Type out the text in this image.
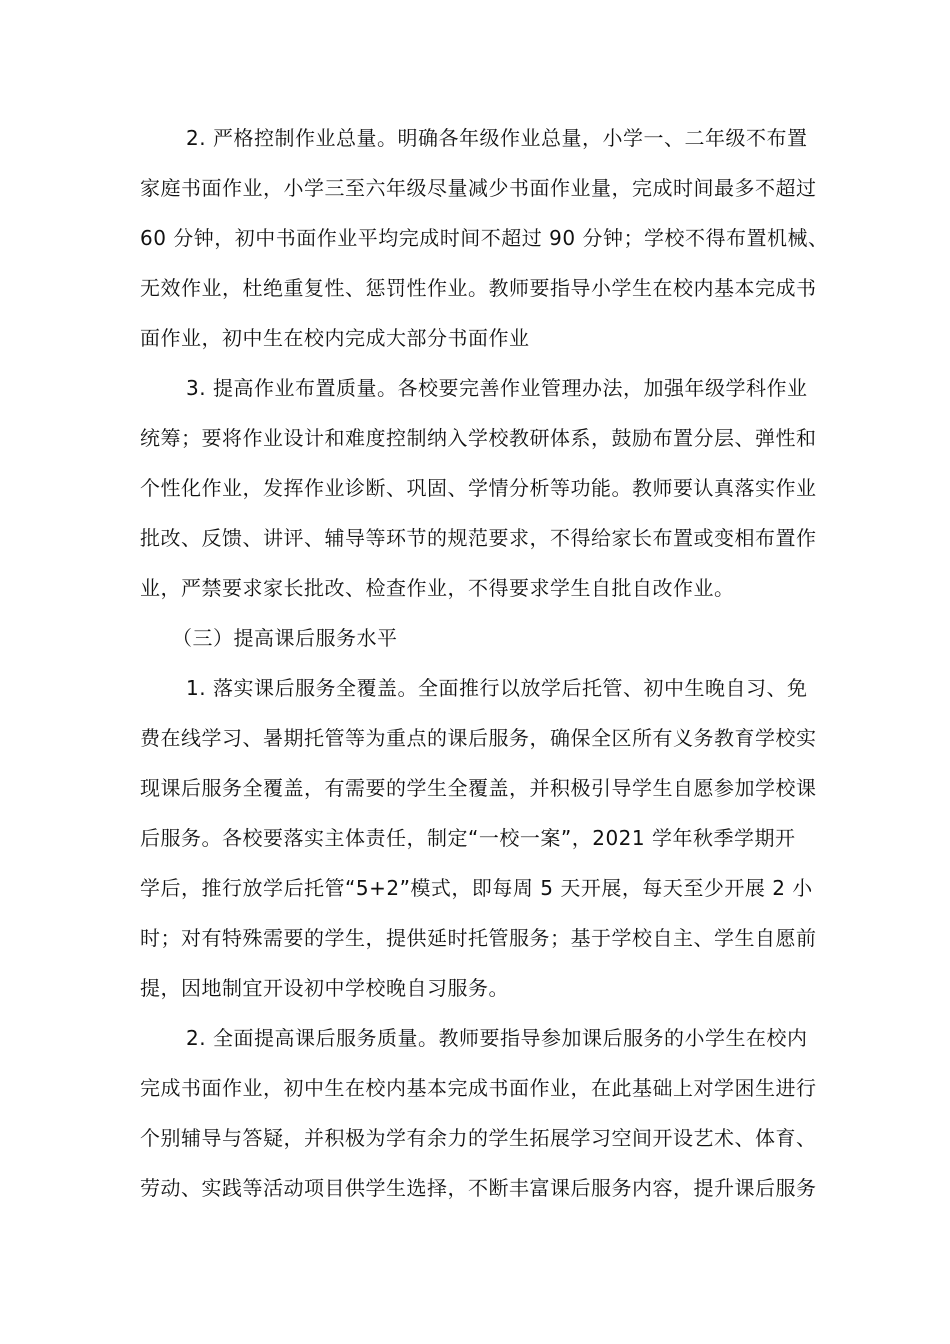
2. 严格控制作业总量。明确各年级作业总量，小学一、二年级不布置
家庭书面作业，小学三至六年级尽量减少书面作业量，完成时间最多不超过
60 分钟，初中书面作业平均完成时间不超过 90 分钟；学校不得布置机械、
无效作业，杜绝重复性、惩罚性作业。教师要指导小学生在校内基本完成书
面作业，初中生在校内完成大部分书面作业
3. 提高作业布置质量。各校要完善作业管理办法，加强年级学科作业
统筹；要将作业设计和难度控制纳入学校教研体系，鼓励布置分层、弹性和
个性化作业，发挥作业诊断、巩固、学情分析等功能。教师要认真落实作业
批改、反馈、讲评、辅导等环节的规范要求，不得给家长布置或变相布置作
业，严禁要求家长批改、检查作业，不得要求学生自批自改作业。
（三）提高课后服务水平
1. 落实课后服务全覆盖。全面推行以放学后托管、初中生晚自习、免
费在线学习、暑期托管等为重点的课后服务，确保全区所有义务教育学校实
现课后服务全覆盖，有需要的学生全覆盖，并积极引导学生自愿参加学校课
后服务。各校要落实主体责任，制定“一校一案”，2021 学年秋季学期开
学后，推行放学后托管“5+2”模式，即每周 5 天开展，每天至少开展 2 小
时；对有特殊需要的学生，提供延时托管服务；基于学校自主、学生自愿前
提，因地制宜开设初中学校晚自习服务。
2. 全面提高课后服务质量。教师要指导参加课后服务的小学生在校内
完成书面作业，初中生在校内基本完成书面作业，在此基础上对学困生进行
个别辅导与答疑，并积极为学有余力的学生拓展学习空间开设艺术、体育、
劳动、实践等活动项目供学生选择，不断丰富课后服务内容，提升课后服务
